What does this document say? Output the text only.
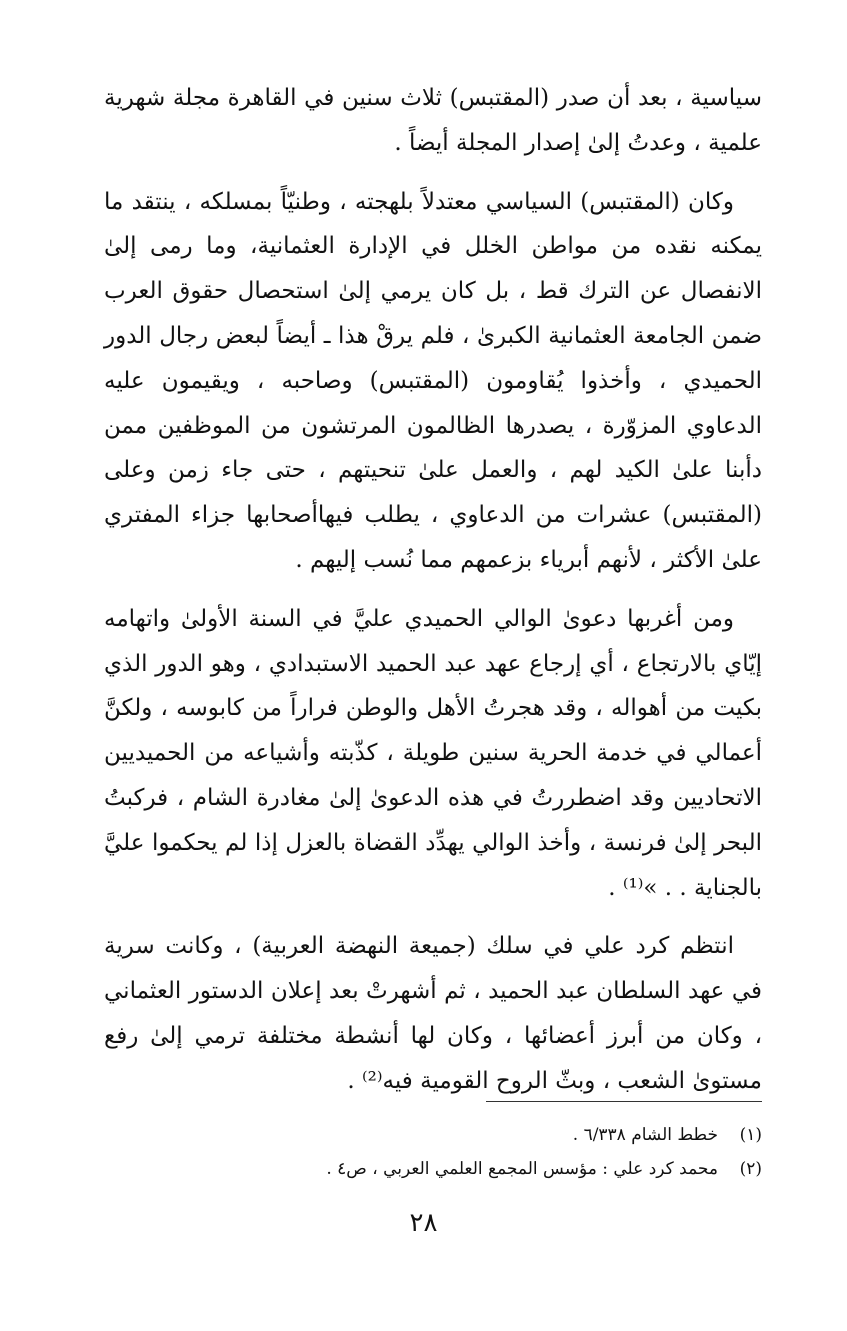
سياسية ، بعد أن صدر (المقتبس) ثلاث سنين في القاهرة مجلة شهرية علمية ، وعدتُ إلىٰ إصدار المجلة أيضاً .

وكان (المقتبس) السياسي معتدلاً بلهجته ، وطنيّاً بمسلكه ، ينتقد ما يمكنه نقده من مواطن الخلل في الإدارة العثمانية، وما رمى إلىٰ الانفصال عن الترك قط ، بل كان يرمي إلىٰ استحصال حقوق العرب ضمن الجامعة العثمانية الكبرىٰ ، فلم يرقْ هذا ـ أيضاً لبعض رجال الدور الحميدي ، وأخذوا يُقاومون (المقتبس) وصاحبه ، ويقيمون عليه الدعاوي المزوّرة ، يصدرها الظالمون المرتشون من الموظفين ممن دأبنا علىٰ الكيد لهم ، والعمل علىٰ تنحيتهم ، حتى جاء زمن وعلى (المقتبس) عشرات من الدعاوي ، يطلب فيهاأصحابها جزاء المفتري علىٰ الأكثر ، لأنهم أبرياء بزعمهم مما نُسب إليهم .

ومن أغربها دعوىٰ الوالي الحميدي عليَّ في السنة الأولىٰ واتهامه إيّاي بالارتجاع ، أي إرجاع عهد عبد الحميد الاستبدادي ، وهو الدور الذي بكيت من أهواله ، وقد هجرتُ الأهل والوطن فراراً من كابوسه ، ولكنَّ أعمالي في خدمة الحرية سنين طويلة ، كذّبته وأشياعه من الحميديين الاتحاديين وقد اضطررتُ في هذه الدعوىٰ إلىٰ مغادرة الشام ، فركبتُ البحر إلىٰ فرنسة ، وأخذ الوالي يهدِّد القضاة بالعزل إذا لم يحكموا عليَّ بالجناية . . »⁽¹⁾ .

انتظم كرد علي في سلك (جميعة النهضة العربية) ، وكانت سرية في عهد السلطان عبد الحميد ، ثم أشهرتْ بعد إعلان الدستور العثماني ، وكان من أبرز أعضائها ، وكان لها أنشطة مختلفة ترمي إلىٰ رفع مستوىٰ الشعب ، وبثّ الروح القومية فيه⁽²⁾ .

(١)
خطط الشام ٦/٣٣٨ .
(٢)
محمد كرد علي : مؤسس المجمع العلمي العربي ، ص٤ .
٢٨
